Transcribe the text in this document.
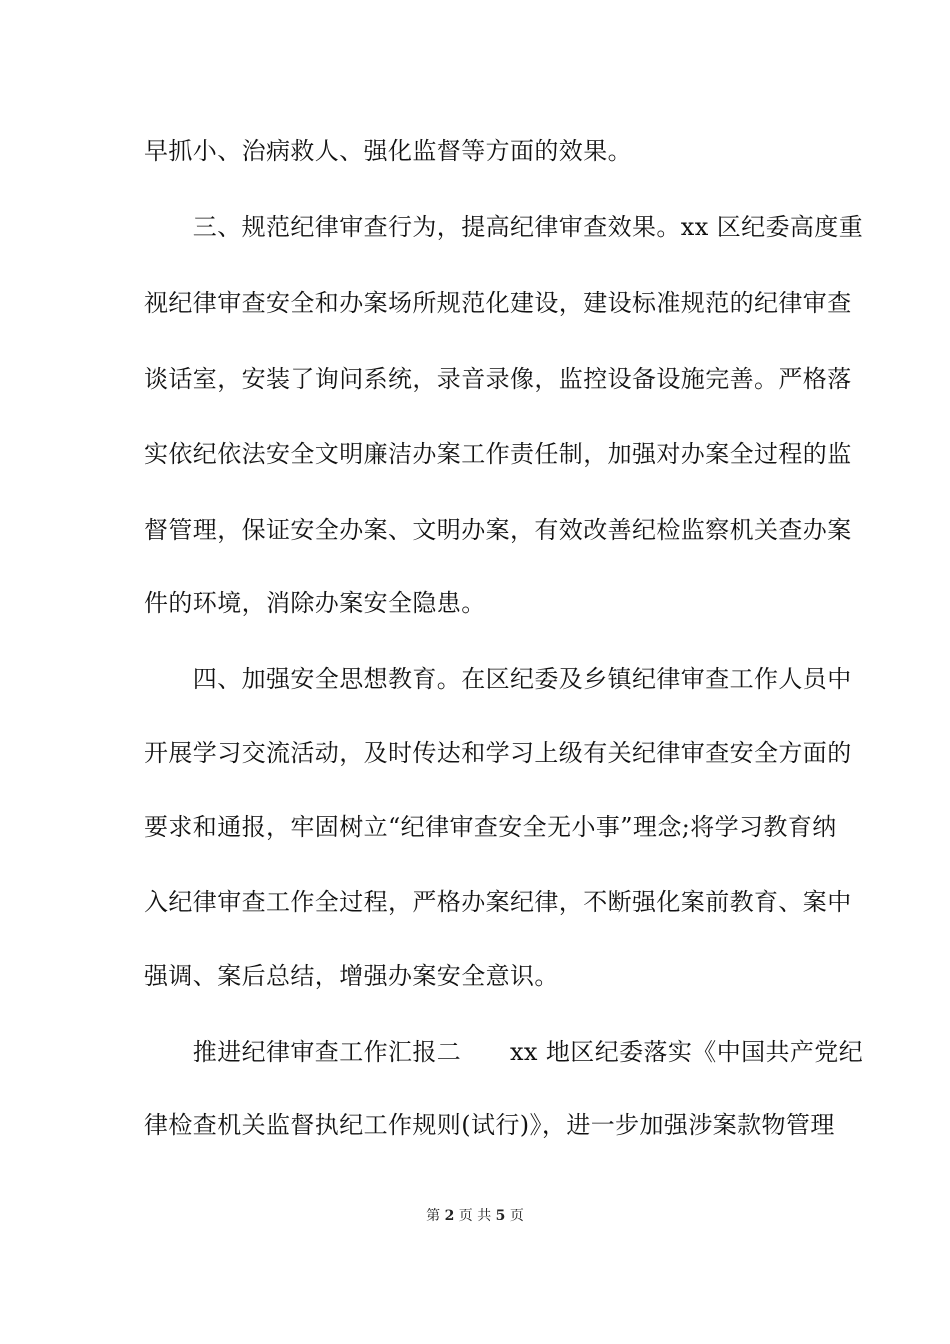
早抓小、治病救人、强化监督等方面的效果。
　　三、规范纪律审查行为，提高纪律审查效果。xx 区纪委高度重
视纪律审查安全和办案场所规范化建设，建设标准规范的纪律审查
谈话室，安装了询问系统，录音录像，监控设备设施完善。严格落
实依纪依法安全文明廉洁办案工作责任制，加强对办案全过程的监
督管理，保证安全办案、文明办案，有效改善纪检监察机关查办案
件的环境，消除办案安全隐患。
　　四、加强安全思想教育。在区纪委及乡镇纪律审查工作人员中
开展学习交流活动，及时传达和学习上级有关纪律审查安全方面的
要求和通报，牢固树立“纪律审查安全无小事”理念;将学习教育纳
入纪律审查工作全过程，严格办案纪律，不断强化案前教育、案中
强调、案后总结，增强办案安全意识。
　　推进纪律审查工作汇报二　　xx 地区纪委落实《中国共产党纪
律检查机关监督执纪工作规则(试行)》，进一步加强涉案款物管理
第 2 页 共 5 页
